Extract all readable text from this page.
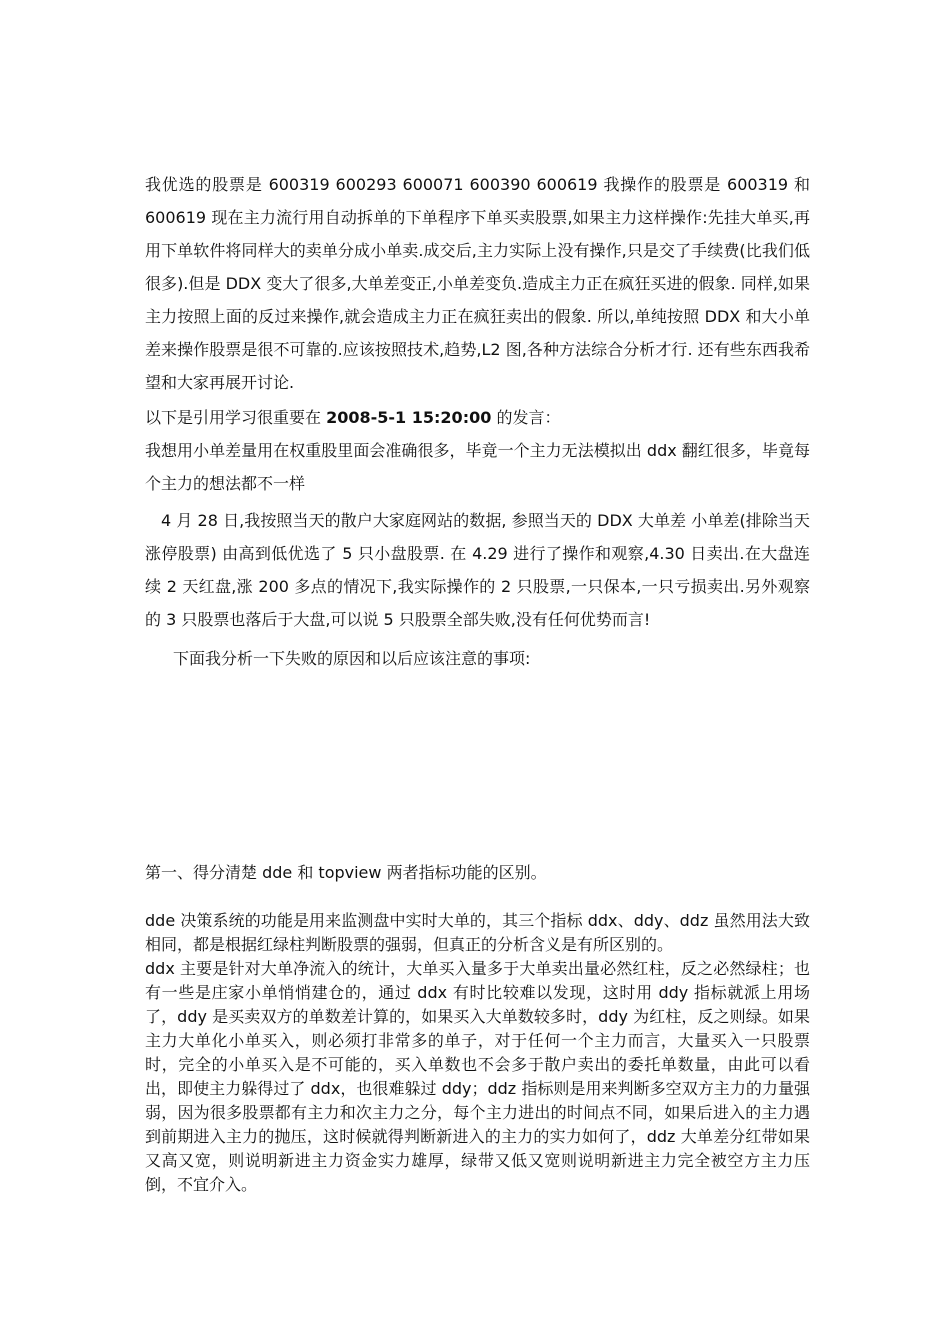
我优选的股票是 600319 600293 600071 600390 600619 我操作的股票是 600319 和 600619 现在主力流行用自动拆单的下单程序下单买卖股票,如果主力这样操作:先挂大单买,再用下单软件将同样大的卖单分成小单卖.成交后,主力实际上没有操作,只是交了手续费(比我们低很多).但是 DDX 变大了很多,大单差变正,小单差变负.造成主力正在疯狂买进的假象. 同样,如果主力按照上面的反过来操作,就会造成主力正在疯狂卖出的假象. 所以,单纯按照 DDX 和大小单差来操作股票是很不可靠的.应该按照技术,趋势,L2 图,各种方法综合分析才行. 还有些东西我希望和大家再展开讨论.

以下是引用学习很重要在 2008-5-1 15:20:00 的发言：

我想用小单差量用在权重股里面会准确很多，毕竟一个主力无法模拟出 ddx 翻红很多，毕竟每个主力的想法都不一样

4 月 28 日,我按照当天的散户大家庭网站的数据, 参照当天的 DDX 大单差 小单差(排除当天涨停股票) 由高到低优选了 5 只小盘股票. 在 4.29 进行了操作和观察,4.30 日卖出.在大盘连续 2 天红盘,涨 200 多点的情况下,我实际操作的 2 只股票,一只保本,一只亏损卖出.另外观察的 3 只股票也落后于大盘,可以说 5 只股票全部失败,没有任何优势而言!

下面我分析一下失败的原因和以后应该注意的事项:

第一、得分清楚 dde 和 topview 两者指标功能的区别。

dde 决策系统的功能是用来监测盘中实时大单的，其三个指标 ddx、ddy、ddz 虽然用法大致相同，都是根据红绿柱判断股票的强弱，但真正的分析含义是有所区别的。

ddx 主要是针对大单净流入的统计，大单买入量多于大单卖出量必然红柱，反之必然绿柱；也有一些是庄家小单悄悄建仓的，通过 ddx 有时比较难以发现，这时用 ddy 指标就派上用场了，ddy 是买卖双方的单数差计算的，如果买入大单数较多时，ddy 为红柱，反之则绿。如果主力大单化小单买入，则必须打非常多的单子，对于任何一个主力而言，大量买入一只股票时，完全的小单买入是不可能的，买入单数也不会多于散户卖出的委托单数量，由此可以看出，即使主力躲得过了 ddx，也很难躲过 ddy；ddz 指标则是用来判断多空双方主力的力量强弱，因为很多股票都有主力和次主力之分，每个主力进出的时间点不同，如果后进入的主力遇到前期进入主力的抛压，这时候就得判断新进入的主力的实力如何了，ddz 大单差分红带如果又高又宽，则说明新进主力资金实力雄厚，绿带又低又宽则说明新进主力完全被空方主力压倒，不宜介入。
